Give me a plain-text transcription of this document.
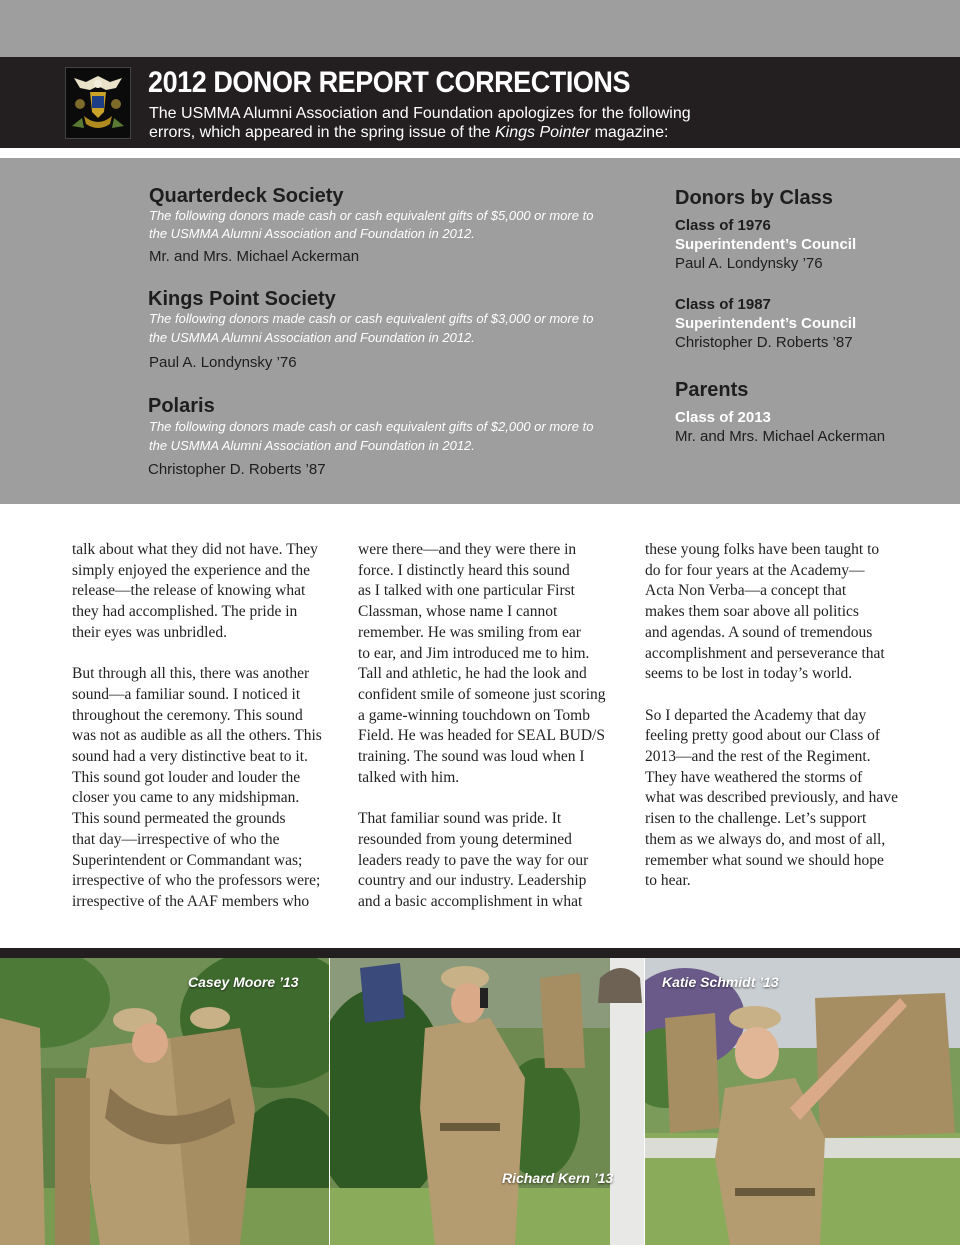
2012 DONOR REPORT CORRECTIONS
The USMMA Alumni Association and Foundation apologizes for the following
errors, which appeared in the spring issue of the Kings Pointer magazine:
Quarterdeck Society
The following donors made cash or cash equivalent gifts of $5,000 or more to
the USMMA Alumni Association and Foundation in 2012.
Mr. and Mrs. Michael Ackerman
Kings Point Society
The following donors made cash or cash equivalent gifts of $3,000 or more to
the USMMA Alumni Association and Foundation in 2012.
Paul A. Londynsky ’76
Polaris
The following donors made cash or cash equivalent gifts of $2,000 or more to
the USMMA Alumni Association and Foundation in 2012.
Christopher D. Roberts ’87
Donors by Class
Class of 1976
Superintendent’s Council
Paul A. Londynsky ’76
Class of 1987
Superintendent’s Council
Christopher D. Roberts ’87
Parents
Class of 2013
Mr. and Mrs. Michael Ackerman

talk about what they did not have. They
simply enjoyed the experience and the
release—the release of knowing what
they had accomplished. The pride in
their eyes was unbridled.

But through all this, there was another
sound—a familiar sound. I noticed it
throughout the ceremony. This sound
was not as audible as all the others. This
sound had a very distinctive beat to it.
This sound got louder and louder the
closer you came to any midshipman.
This sound permeated the grounds
that day—irrespective of who the
Superintendent or Commandant was;
irrespective of who the professors were;
irrespective of the AAF members who

were there—and they were there in
force. I distinctly heard this sound
as I talked with one particular First
Classman, whose name I cannot
remember. He was smiling from ear
to ear, and Jim introduced me to him.
Tall and athletic, he had the look and
confident smile of someone just scoring
a game-winning touchdown on Tomb
Field. He was headed for SEAL BUD/S
training. The sound was loud when I
talked with him.

That familiar sound was pride. It
resounded from young determined
leaders ready to pave the way for our
country and our industry. Leadership
and a basic accomplishment in what

these young folks have been taught to
do for four years at the Academy—
Acta Non Verba—a concept that
makes them soar above all politics
and agendas. A sound of tremendous
accomplishment and perseverance that
seems to be lost in today’s world.

So I departed the Academy that day
feeling pretty good about our Class of
2013—and the rest of the Regiment.
They have weathered the storms of
what was described previously, and have
risen to the challenge. Let’s support
them as we always do, and most of all,
remember what sound we should hope
to hear.

Casey Moore ’13
Richard Kern ’13
Katie Schmidt ’13
